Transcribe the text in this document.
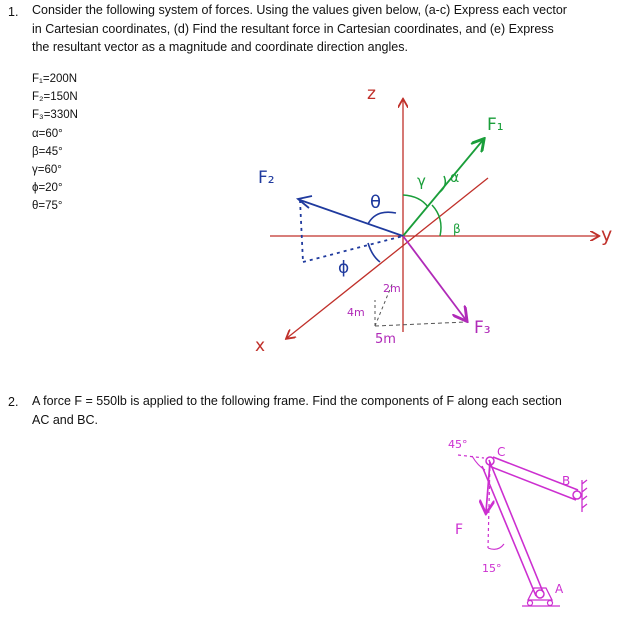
1. Consider the following system of forces. Using the values given below, (a-c) Express each vector
in Cartesian coordinates, (d) Find the resultant force in Cartesian coordinates, and (e) Express
the resultant vector as a magnitude and coordinate direction angles.
F₁=200N
F₂=150N
F₃=330N
α=60°
β=45°
γ=60°
ϕ=20°
θ=75°
z
y
x
F₁
F₂
F₃
θ
ϕ
γ α
β
2m
4m
5m
2. A force F = 550lb is applied to the following frame. Find the components of F along each section
AC and BC.
45°
C
B
F
15°
A
